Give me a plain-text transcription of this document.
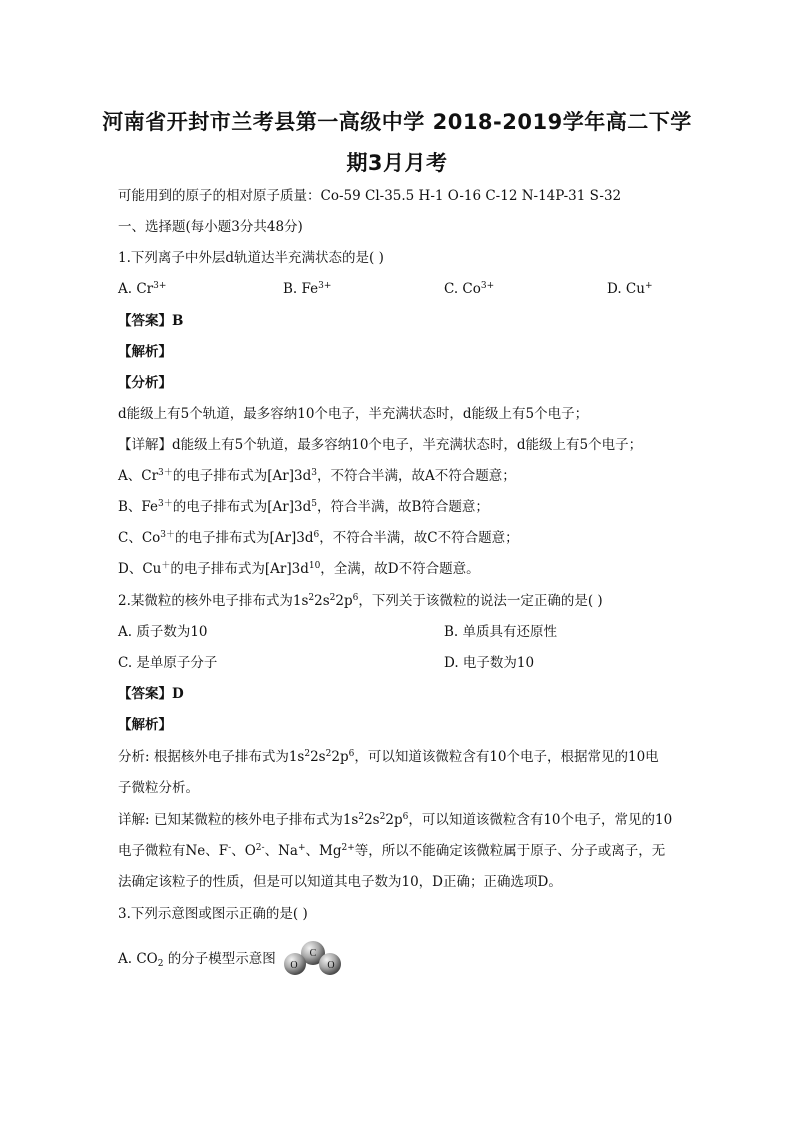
河南省开封市兰考县第一高级中学 2018-2019学年高二下学
期3月月考
可能用到的原子的相对原子质量：Co-59 Cl-35.5 H-1 O-16 C-12 N-14P-31 S-32
一、选择题(每小题3分共48分)
1.下列离子中外层d轨道达半充满状态的是( )
A. $Cr^{3+}$	B. $Fe^{3+}$	C. $Co^{3+}$	D. Cu+
【答案】B
【解析】
【分析】
d能级上有5个轨道，最多容纳10个电子，半充满状态时，d能级上有5个电子；
【详解】d能级上有5个轨道，最多容纳10个电子，半充满状态时，d能级上有5个电子；
A、$Cr^{3+}$的电子排布式为$[Ar]3d^3$，不符合半满，故A不符合题意；
B、$Fe^{3+}$的电子排布式为$[Ar]3d^5$，符合半满，故B符合题意；
C、$Co^{3+}$的电子排布式为$[Ar]3d^6$，不符合半满，故C不符合题意；
D、Cu＋的电子排布式为$[Ar]3d^{10}$，全满，故D不符合题意。
2.某微粒的核外电子排布式为$1s^22s^22p^6$，下列关于该微粒的说法一定正确的是( )
A. 质子数为10	B. 单质具有还原性
C. 是单原子分子	D. 电子数为10
【答案】D
【解析】
分析: 根据核外电子排布式为$1s^22s^22p^6$，可以知道该微粒含有10个电子，根据常见的10电
子微粒分析。
详解: 已知某微粒的核外电子排布式为$1s^22s^22p^6$，可以知道该微粒含有10个电子，常见的10
电子微粒有Ne、F-、$O^{2-}$、Na+、$Mg^{2+}$等，所以不能确定该微粒属于原子、分子或离子，无
法确定该粒子的性质，但是可以知道其电子数为10，D正确；正确选项D。
3.下列示意图或图示正确的是( )
A. $CO_2$ 的分子模型示意图	C
O	O
